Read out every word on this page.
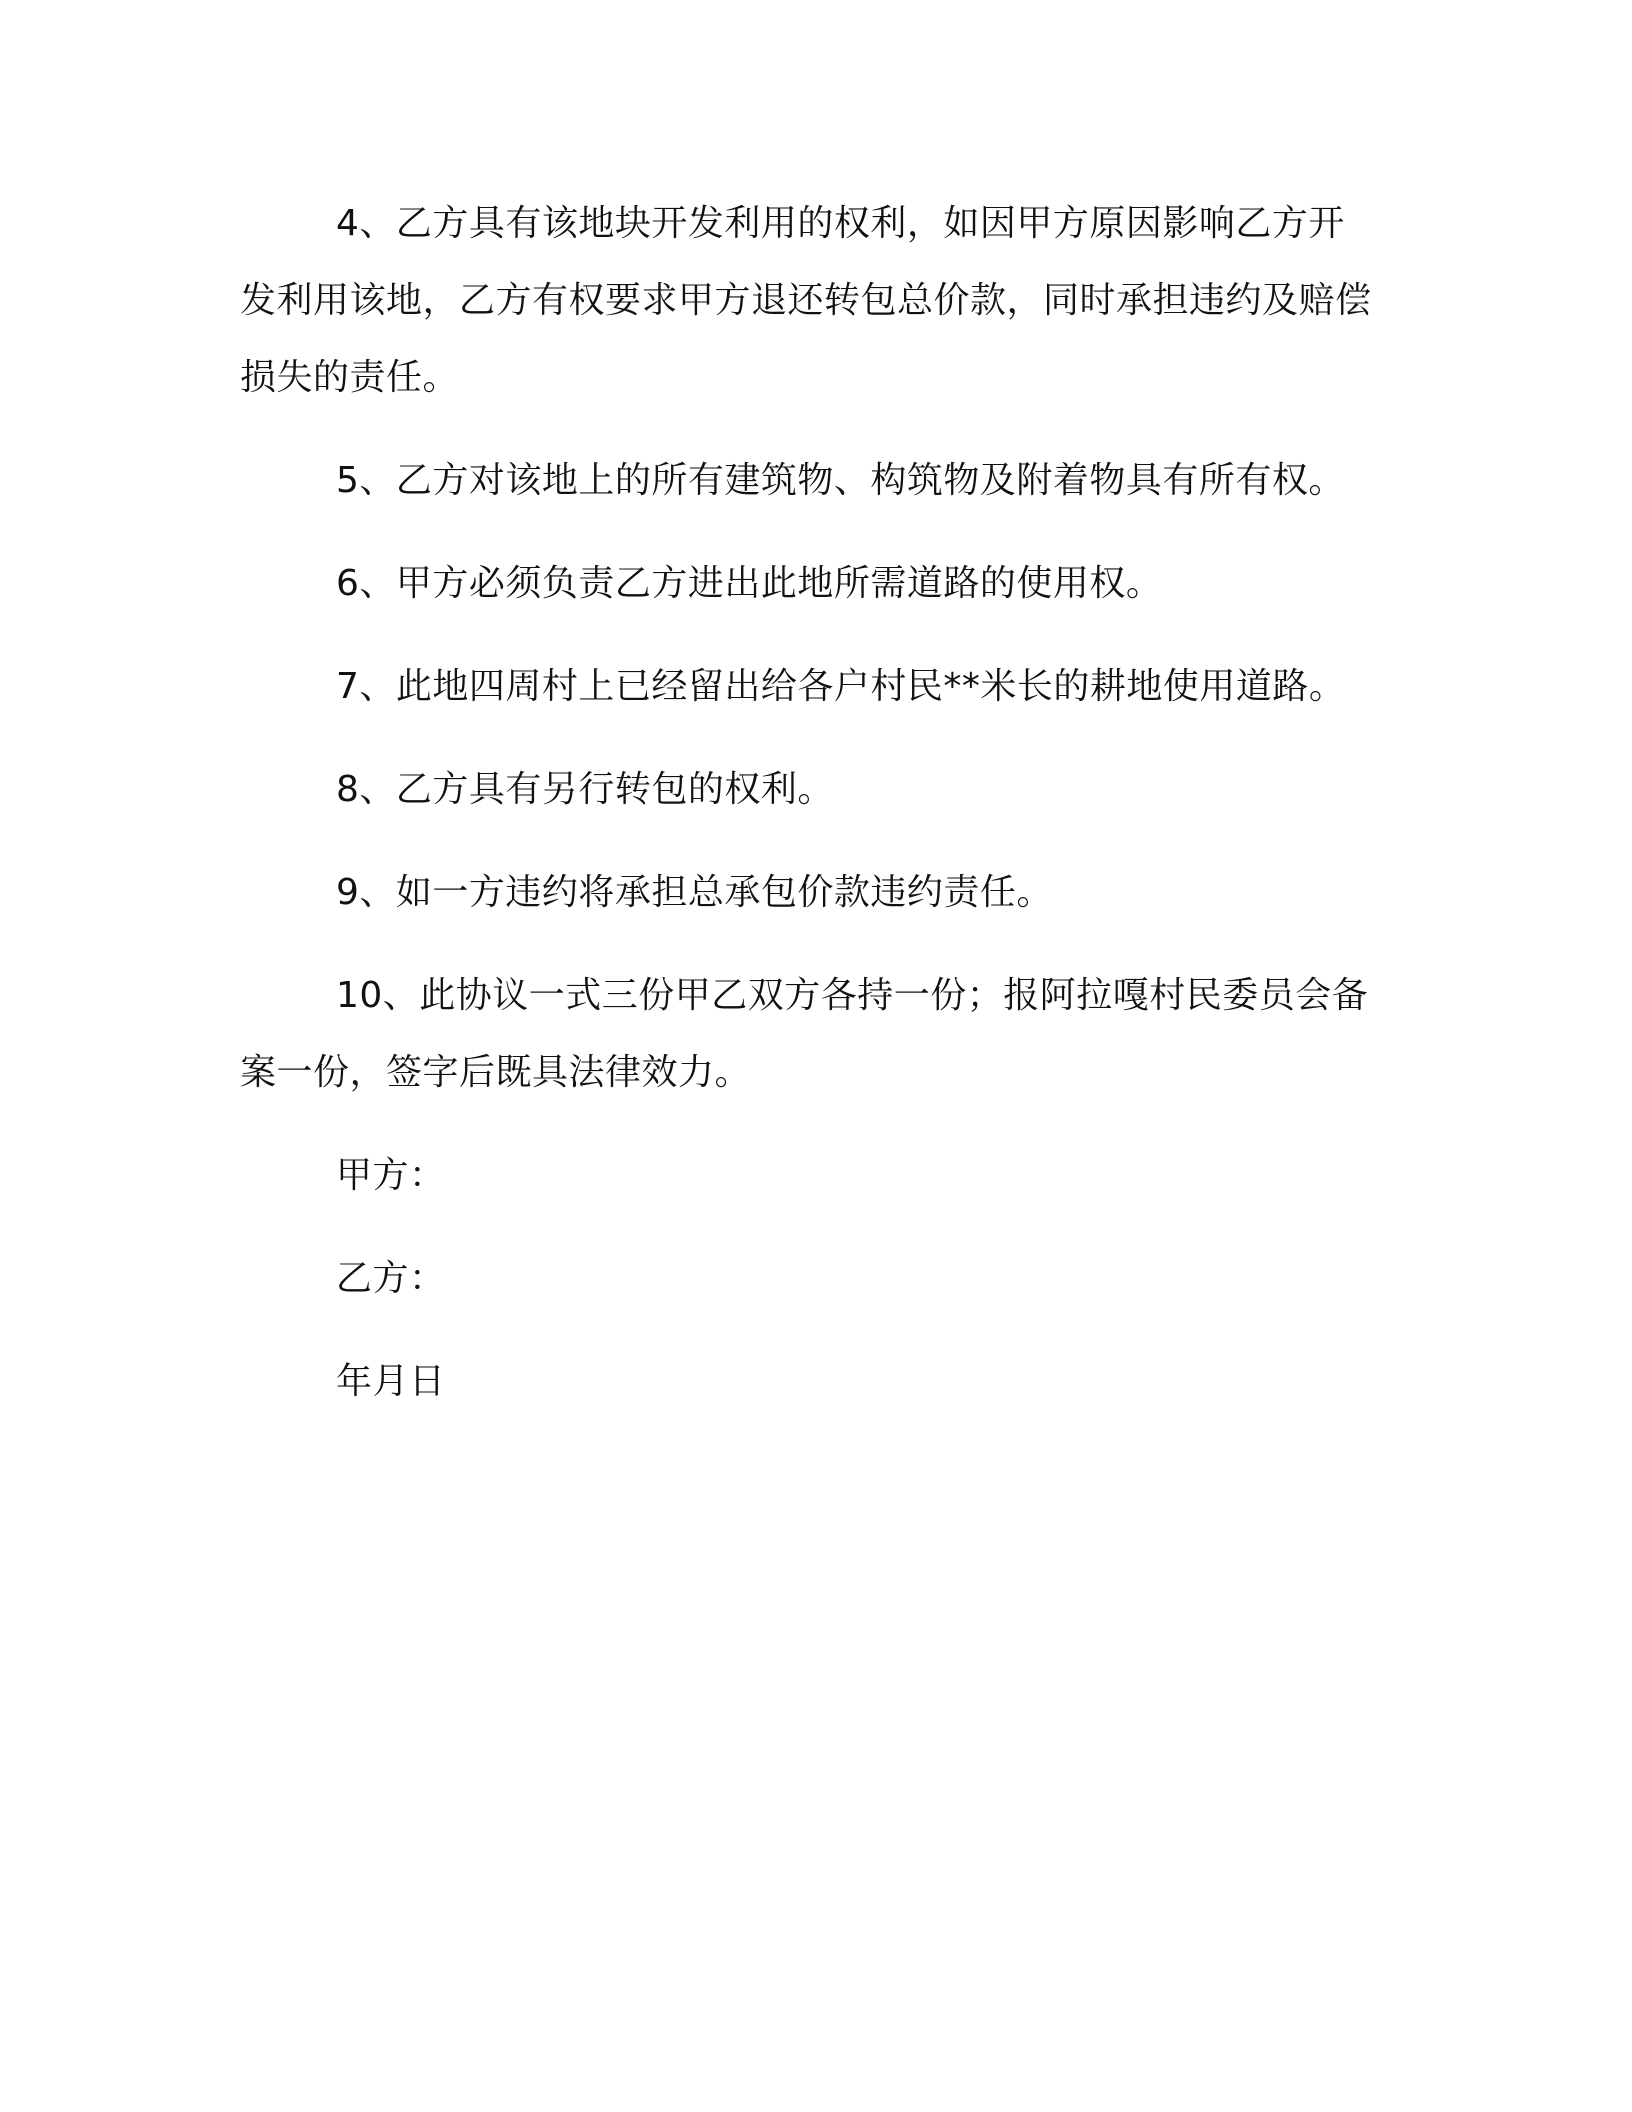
4、乙方具有该地块开发利用的权利，如因甲方原因影响乙方开发利用该地，乙方有权要求甲方退还转包总价款，同时承担违约及赔偿损失的责任。

5、乙方对该地上的所有建筑物、构筑物及附着物具有所有权。

6、甲方必须负责乙方进出此地所需道路的使用权。

7、此地四周村上已经留出给各户村民**米长的耕地使用道路。

8、乙方具有另行转包的权利。

9、如一方违约将承担总承包价款违约责任。

10、此协议一式三份甲乙双方各持一份；报阿拉嘎村民委员会备案一份，签字后既具法律效力。

甲方：

乙方：

年月日
